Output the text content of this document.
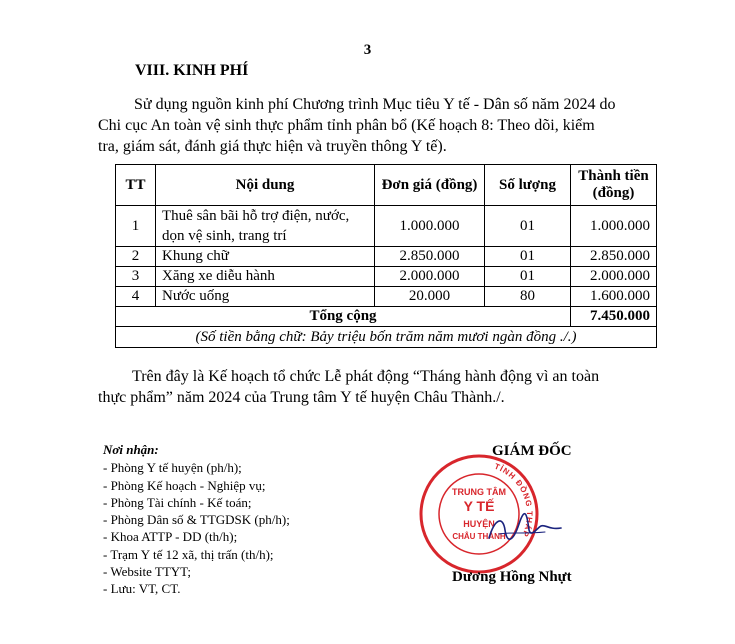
3
VIII. KINH PHÍ
Sử dụng nguồn kinh phí Chương trình Mục tiêu Y tế - Dân số năm 2024 do
Chi cục An toàn vệ sinh thực phẩm tỉnh phân bổ (Kế hoạch 8: Theo dõi, kiểm
tra, giám sát, đánh giá thực hiện và truyền thông Y tế).
TT	Nội dung	Đơn giá (đồng)	Số lượng	Thành tiền (đồng)
1	Thuê sân bãi hỗ trợ điện, nước, dọn vệ sinh, trang trí	1.000.000	01	1.000.000
2	Khung chữ	2.850.000	01	2.850.000
3	Xăng xe diễu hành	2.000.000	01	2.000.000
4	Nước uống	20.000	80	1.600.000
Tổng cộng				7.450.000
(Số tiền bằng chữ: Bảy triệu bốn trăm năm mươi ngàn đồng ./.)				
Trên đây là Kế hoạch tổ chức Lễ phát động “Tháng hành động vì an toàn
thực phẩm” năm 2024 của Trung tâm Y tế huyện Châu Thành./.
Nơi nhận:
- Phòng Y tế huyện (ph/h);
- Phòng Kế hoạch - Nghiệp vụ;
- Phòng Tài chính - Kế toán;
- Phòng Dân số & TTGDSK (ph/h);
- Khoa ATTP - DD (th/h);
- Trạm Y tế 12 xã, thị trấn (th/h);
- Website TTYT;
- Lưu: VT, CT.
GIÁM ĐỐC
TỈNH ĐỒNG THÁP
TRUNG TÂM
Y TẾ
HUYỆN
CHÂU THÀNH
Dương Hồng Nhựt
